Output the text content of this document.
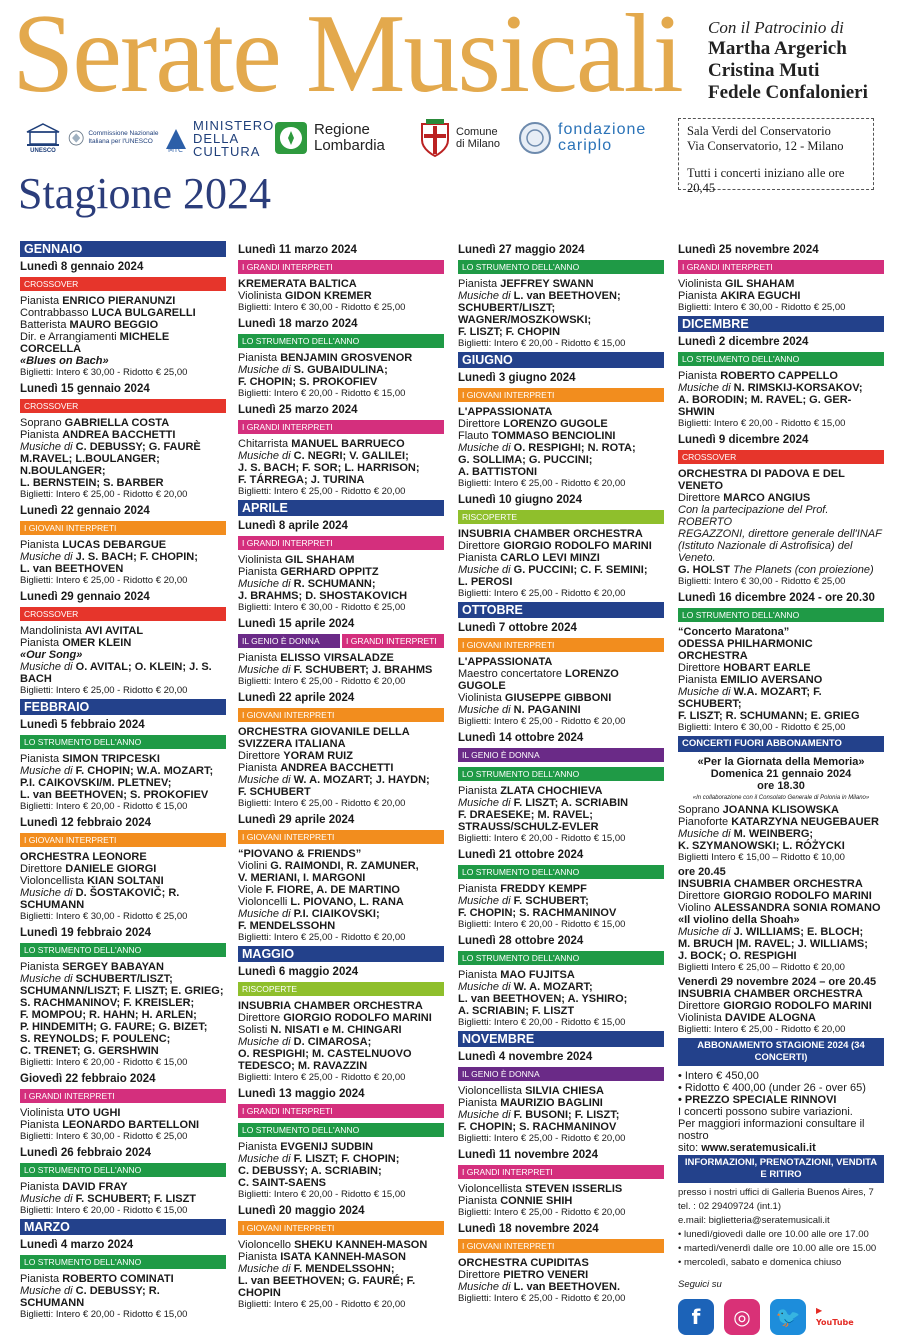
Serate Musicali Con il Patrocinio di
Martha Argerich
Cristina Muti
Fedele Confalonieri
UNESCO
Commissione Nazionale Italiana per l'UNESCO
MiC
MINISTERO DELLA CULTURA
Regione Lombardia
Comune di Milano
fondazione cariplo
Sala Verdi del Conservatorio
Via Conservatorio, 12 - Milano
Tutti i concerti iniziano alle ore 20,45
Stagione 2024
GENNAIO
Lunedì 8 gennaio 2024
CROSSOVER
Pianista ENRICO PIERANUNZI
Contrabbasso LUCA BULGARELLI
Batterista MAURO BEGGIO
Dir. e Arrangiamenti MICHELE CORCELLA
«Blues on Bach»
Biglietti: Intero € 30,00 - Ridotto € 25,00
Lunedì 15 gennaio 2024
CROSSOVER
Soprano GABRIELLA COSTA
Pianista ANDREA BACCHETTI
Musiche di C. DEBUSSY; G. FAURÈ
M.RAVEL; L.BOULANGER; N.BOULANGER;
L. BERNSTEIN; S. BARBER
Biglietti: Intero € 25,00 - Ridotto € 20,00
Lunedì 22 gennaio 2024
I GIOVANI INTERPRETI
Pianista LUCAS DEBARGUE
Musiche di J. S. BACH; F. CHOPIN;
L. van BEETHOVEN
Biglietti: Intero € 25,00 - Ridotto € 20,00
Lunedì 29 gennaio 2024
CROSSOVER
Mandolinista AVI AVITAL
Pianista OMER KLEIN
«Our Song»
Musiche di O. AVITAL; O. KLEIN; J. S. BACH
Biglietti: Intero € 25,00 - Ridotto € 20,00
FEBBRAIO
Lunedì 5 febbraio 2024
LO STRUMENTO DELL'ANNO
Pianista SIMON TRIPCESKI
Musiche di F. CHOPIN; W.A. MOZART;
P.I. CAIKOVSKI/M. PLETNEV;
L. van BEETHOVEN; S. PROKOFIEV
Biglietti: Intero € 20,00 - Ridotto € 15,00
Lunedì 12 febbraio 2024
I GIOVANI INTERPRETI
ORCHESTRA LEONORE
Direttore DANIELE GIORGI
Violoncellista KIAN SOLTANI
Musiche di D. ŠOSTAKOVIČ; R. SCHUMANN
Biglietti: Intero € 30,00 - Ridotto € 25,00
Lunedì 19 febbraio 2024
LO STRUMENTO DELL'ANNO
Pianista SERGEY BABAYAN
Musiche di SCHUBERT/LISZT;
SCHUMANN/LISZT; F. LISZT; E. GRIEG;
S. RACHMANINOV; F. KREISLER;
F. MOMPOU; R. HAHN; H. ARLEN;
P. HINDEMITH; G. FAURE; G. BIZET;
S. REYNOLDS; F. POULENC;
C. TRENET; G. GERSHWIN
Biglietti: Intero € 20,00 - Ridotto € 15,00
Giovedì 22 febbraio 2024
I GRANDI INTERPRETI
Violinista UTO UGHI
Pianista LEONARDO BARTELLONI
Biglietti: Intero € 30,00 - Ridotto € 25,00
Lunedì 26 febbraio 2024
LO STRUMENTO DELL'ANNO
Pianista DAVID FRAY
Musiche di F. SCHUBERT; F. LISZT
Biglietti: Intero € 20,00 - Ridotto € 15,00
MARZO
Lunedì 4 marzo 2024
LO STRUMENTO DELL'ANNO
Pianista ROBERTO COMINATI
Musiche di C. DEBUSSY; R. SCHUMANN
Biglietti: Intero € 20,00 - Ridotto € 15,00
Lunedì 11 marzo 2024
I GRANDI INTERPRETI
KREMERATA BALTICA
Violinista GIDON KREMER
Biglietti: Intero € 30,00 - Ridotto € 25,00
Lunedì 18 marzo 2024
LO STRUMENTO DELL'ANNO
Pianista BENJAMIN GROSVENOR
Musiche di S. GUBAIDULINA;
F. CHOPIN; S. PROKOFIEV
Biglietti: Intero € 20,00 - Ridotto € 15,00
Lunedì 25 marzo 2024
I GRANDI INTERPRETI
Chitarrista MANUEL BARRUECO
Musiche di C. NEGRI; V. GALILEI;
J. S. BACH; F. SOR; L. HARRISON;
F. TÁRREGA; J. TURINA
Biglietti: Intero € 25,00 - Ridotto € 20,00
APRILE
Lunedì 8 aprile 2024
I GRANDI INTERPRETI
Violinista GIL SHAHAM
Pianista GERHARD OPPITZ
Musiche di R. SCHUMANN;
J. BRAHMS; D. SHOSTAKOVICH
Biglietti: Intero € 30,00 - Ridotto € 25,00
Lunedì 15 aprile 2024
IL GENIO È DONNA	I GRANDI INTERPRETI
Pianista ELISSO VIRSALADZE
Musiche di F. SCHUBERT; J. BRAHMS
Biglietti: Intero € 25,00 - Ridotto € 20,00
Lunedì 22 aprile 2024
I GIOVANI INTERPRETI
ORCHESTRA GIOVANILE DELLA
SVIZZERA ITALIANA
Direttore YORAM RUIZ
Pianista ANDREA BACCHETTI
Musiche di W. A. MOZART; J. HAYDN;
F. SCHUBERT
Biglietti: Intero € 25,00 - Ridotto € 20,00
Lunedì 29 aprile 2024
I GIOVANI INTERPRETI
“PIOVANO & FRIENDS”
Violini G. RAIMONDI, R. ZAMUNER,
V. MERIANI, I. MARGONI
Viole F. FIORE, A. DE MARTINO
Violoncelli L. PIOVANO, L. RANA
Musiche di P.I. CIAIKOVSKI;
F. MENDELSSOHN
Biglietti: Intero € 25,00 - Ridotto € 20,00
MAGGIO
Lunedì 6 maggio 2024
RISCOPERTE
INSUBRIA CHAMBER ORCHESTRA
Direttore GIORGIO RODOLFO MARINI
Solisti N. NISATI e M. CHINGARI
Musiche di D. CIMAROSA;
O. RESPIGHI; M. CASTELNUOVO
TEDESCO; M. RAVAZZIN
Biglietti: Intero € 25,00 - Ridotto € 20,00
Lunedì 13 maggio 2024
I GRANDI INTERPRETILO STRUMENTO DELL'ANNO
Pianista EVGENIJ SUDBIN
Musiche di F. LISZT; F. CHOPIN;
C. DEBUSSY; A. SCRIABIN;
C. SAINT-SAENS
Biglietti: Intero € 20,00 - Ridotto € 15,00
Lunedì 20 maggio 2024
I GIOVANI INTERPRETI
Violoncello SHEKU KANNEH-MASON
Pianista ISATA KANNEH-MASON
Musiche di F. MENDELSSOHN;
L. van BEETHOVEN; G. FAURÉ; F. CHOPIN
Biglietti: Intero € 25,00 - Ridotto € 20,00
Lunedì 27 maggio 2024
LO STRUMENTO DELL'ANNO
Pianista JEFFREY SWANN
Musiche di L. van BEETHOVEN;
SCHUBERT/LISZT;
WAGNER/MOSZKOWSKI;
F. LISZT; F. CHOPIN
Biglietti: Intero € 20,00 - Ridotto € 15,00
GIUGNO
Lunedì 3 giugno 2024
I GIOVANI INTERPRETI
L'APPASSIONATA
Direttore LORENZO GUGOLE
Flauto TOMMASO BENCIOLINI
Musiche di O. RESPIGHI; N. ROTA;
G. SOLLIMA; G. PUCCINI;
A. BATTISTONI
Biglietti: Intero € 25,00 - Ridotto € 20,00
Lunedì 10 giugno 2024
RISCOPERTE
INSUBRIA CHAMBER ORCHESTRA
Direttore GIORGIO RODOLFO MARINI
Pianista CARLO LEVI MINZI
Musiche di G. PUCCINI; C. F. SEMINI;
L. PEROSI
Biglietti: Intero € 25,00 - Ridotto € 20,00
OTTOBRE
Lunedì 7 ottobre 2024
I GIOVANI INTERPRETI
L'APPASSIONATA
Maestro concertatore LORENZO GUGOLE
Violinista GIUSEPPE GIBBONI
Musiche di N. PAGANINI
Biglietti: Intero € 25,00 - Ridotto € 20,00
Lunedì 14 ottobre 2024
IL GENIO È DONNALO STRUMENTO DELL'ANNO
Pianista ZLATA CHOCHIEVA
Musiche di F. LISZT; A. SCRIABIN
F. DRAESEKE; M. RAVEL;
STRAUSS/SCHULZ-EVLER
Biglietti: Intero € 20,00 - Ridotto € 15,00
Lunedì 21 ottobre 2024
LO STRUMENTO DELL'ANNO
Pianista FREDDY KEMPF
Musiche di F. SCHUBERT;
F. CHOPIN; S. RACHMANINOV
Biglietti: Intero € 20,00 - Ridotto € 15,00
Lunedì 28 ottobre 2024
LO STRUMENTO DELL'ANNO
Pianista MAO FUJITSA
Musiche di W. A. MOZART;
L. van BEETHOVEN; A. YSHIRO;
A. SCRIABIN; F. LISZT
Biglietti: Intero € 20,00 - Ridotto € 15,00
NOVEMBRE
Lunedì 4 novembre 2024
IL GENIO È DONNA
Violoncellista SILVIA CHIESA
Pianista MAURIZIO BAGLINI
Musiche di F. BUSONI; F. LISZT;
F. CHOPIN; S. RACHMANINOV
Biglietti: Intero € 25,00 - Ridotto € 20,00
Lunedì 11 novembre 2024
I GRANDI INTERPRETI
Violoncellista STEVEN ISSERLIS
Pianista CONNIE SHIH
Biglietti: Intero € 25,00 - Ridotto € 20,00
Lunedì 18 novembre 2024
I GIOVANI INTERPRETI
ORCHESTRA CUPIDITAS
Direttore PIETRO VENERI
Musiche di L. van BEETHOVEN.
Biglietti: Intero € 25,00 - Ridotto € 20,00
Lunedì 25 novembre 2024
I GRANDI INTERPRETI
Violinista GIL SHAHAM
Pianista AKIRA EGUCHI
Biglietti: Intero € 30,00 - Ridotto € 25,00
DICEMBRE
Lunedì 2 dicembre 2024
LO STRUMENTO DELL'ANNO
Pianista ROBERTO CAPPELLO
Musiche di N. RIMSKIJ-KORSAKOV;
A. BORODIN; M. RAVEL; G. GER-
SHWIN
Biglietti: Intero € 20,00 - Ridotto € 15,00
Lunedì 9 dicembre 2024
CROSSOVER
ORCHESTRA DI PADOVA E DEL VENETO
Direttore MARCO ANGIUS
Con la partecipazione del Prof. ROBERTO
REGAZZONI, direttore generale dell'INAF
(Istituto Nazionale di Astrofisica) del Veneto.
G. HOLST The Planets (con proiezione)
Biglietti: Intero € 30,00 - Ridotto € 25,00
Lunedì 16 dicembre 2024 - ore 20.30
LO STRUMENTO DELL'ANNO
“Concerto Maratona”
ODESSA PHILHARMONIC ORCHESTRA
Direttore HOBART EARLE
Pianista EMILIO AVERSANO
Musiche di W.A. MOZART; F. SCHUBERT;
F. LISZT; R. SCHUMANN; E. GRIEG
Biglietti: Intero € 30,00 - Ridotto € 25,00
CONCERTI FUORI ABBONAMENTO
«Per la Giornata della Memoria»
Domenica 21 gennaio 2024
ore 18.30
«In collaborazione con il Consolato Generale di Polonia in Milano»
Soprano JOANNA KLISOWSKA
Pianoforte KATARZYNA NEUGEBAUER
Musiche di M. WEINBERG;
K. SZYMANOWSKI; L. RÓŻYCKI
Biglietti Intero € 15,00 – Ridotto € 10,00
ore 20.45
INSUBRIA CHAMBER ORCHESTRA
Direttore GIORGIO RODOLFO MARINI
Violino ALESSANDRA SONIA ROMANO
«Il violino della Shoah»
Musiche di J. WILLIAMS; E. BLOCH;
M. BRUCH |M. RAVEL; J. WILLIAMS;
J. BOCK; O. RESPIGHI
Biglietti Intero € 25,00 – Ridotto € 20,00
Venerdì 29 novembre 2024 – ore 20.45
INSUBRIA CHAMBER ORCHESTRA
Direttore GIORGIO RODOLFO MARINI
Violinista DAVIDE ALOGNA
Biglietti: Intero € 25,00 - Ridotto € 20,00
ABBONAMENTO STAGIONE 2024 (34 CONCERTI)
• Intero € 450,00
• Ridotto € 400,00 (under 26 - over 65)
• PREZZO SPECIALE RINNOVI
I concerti possono subire variazioni.
Per maggiori informazioni consultare il nostro
sito: www.seratemusicali.it
INFORMAZIONI, PRENOTAZIONI, VENDITA E RITIRO
presso i nostri uffici di Galleria Buenos Aires, 7
tel. : 02 29409724 (int.1)
e.mail: biglietteria@seratemusicali.it
• lunedì/giovedì dalle ore 10.00 alle ore 17.00
• martedì/venerdì dalle ore 10.00 alle ore 15.00
• mercoledì, sabato e domenica chiuso
Seguici su
f	◎	🐦	▶ YouTube
